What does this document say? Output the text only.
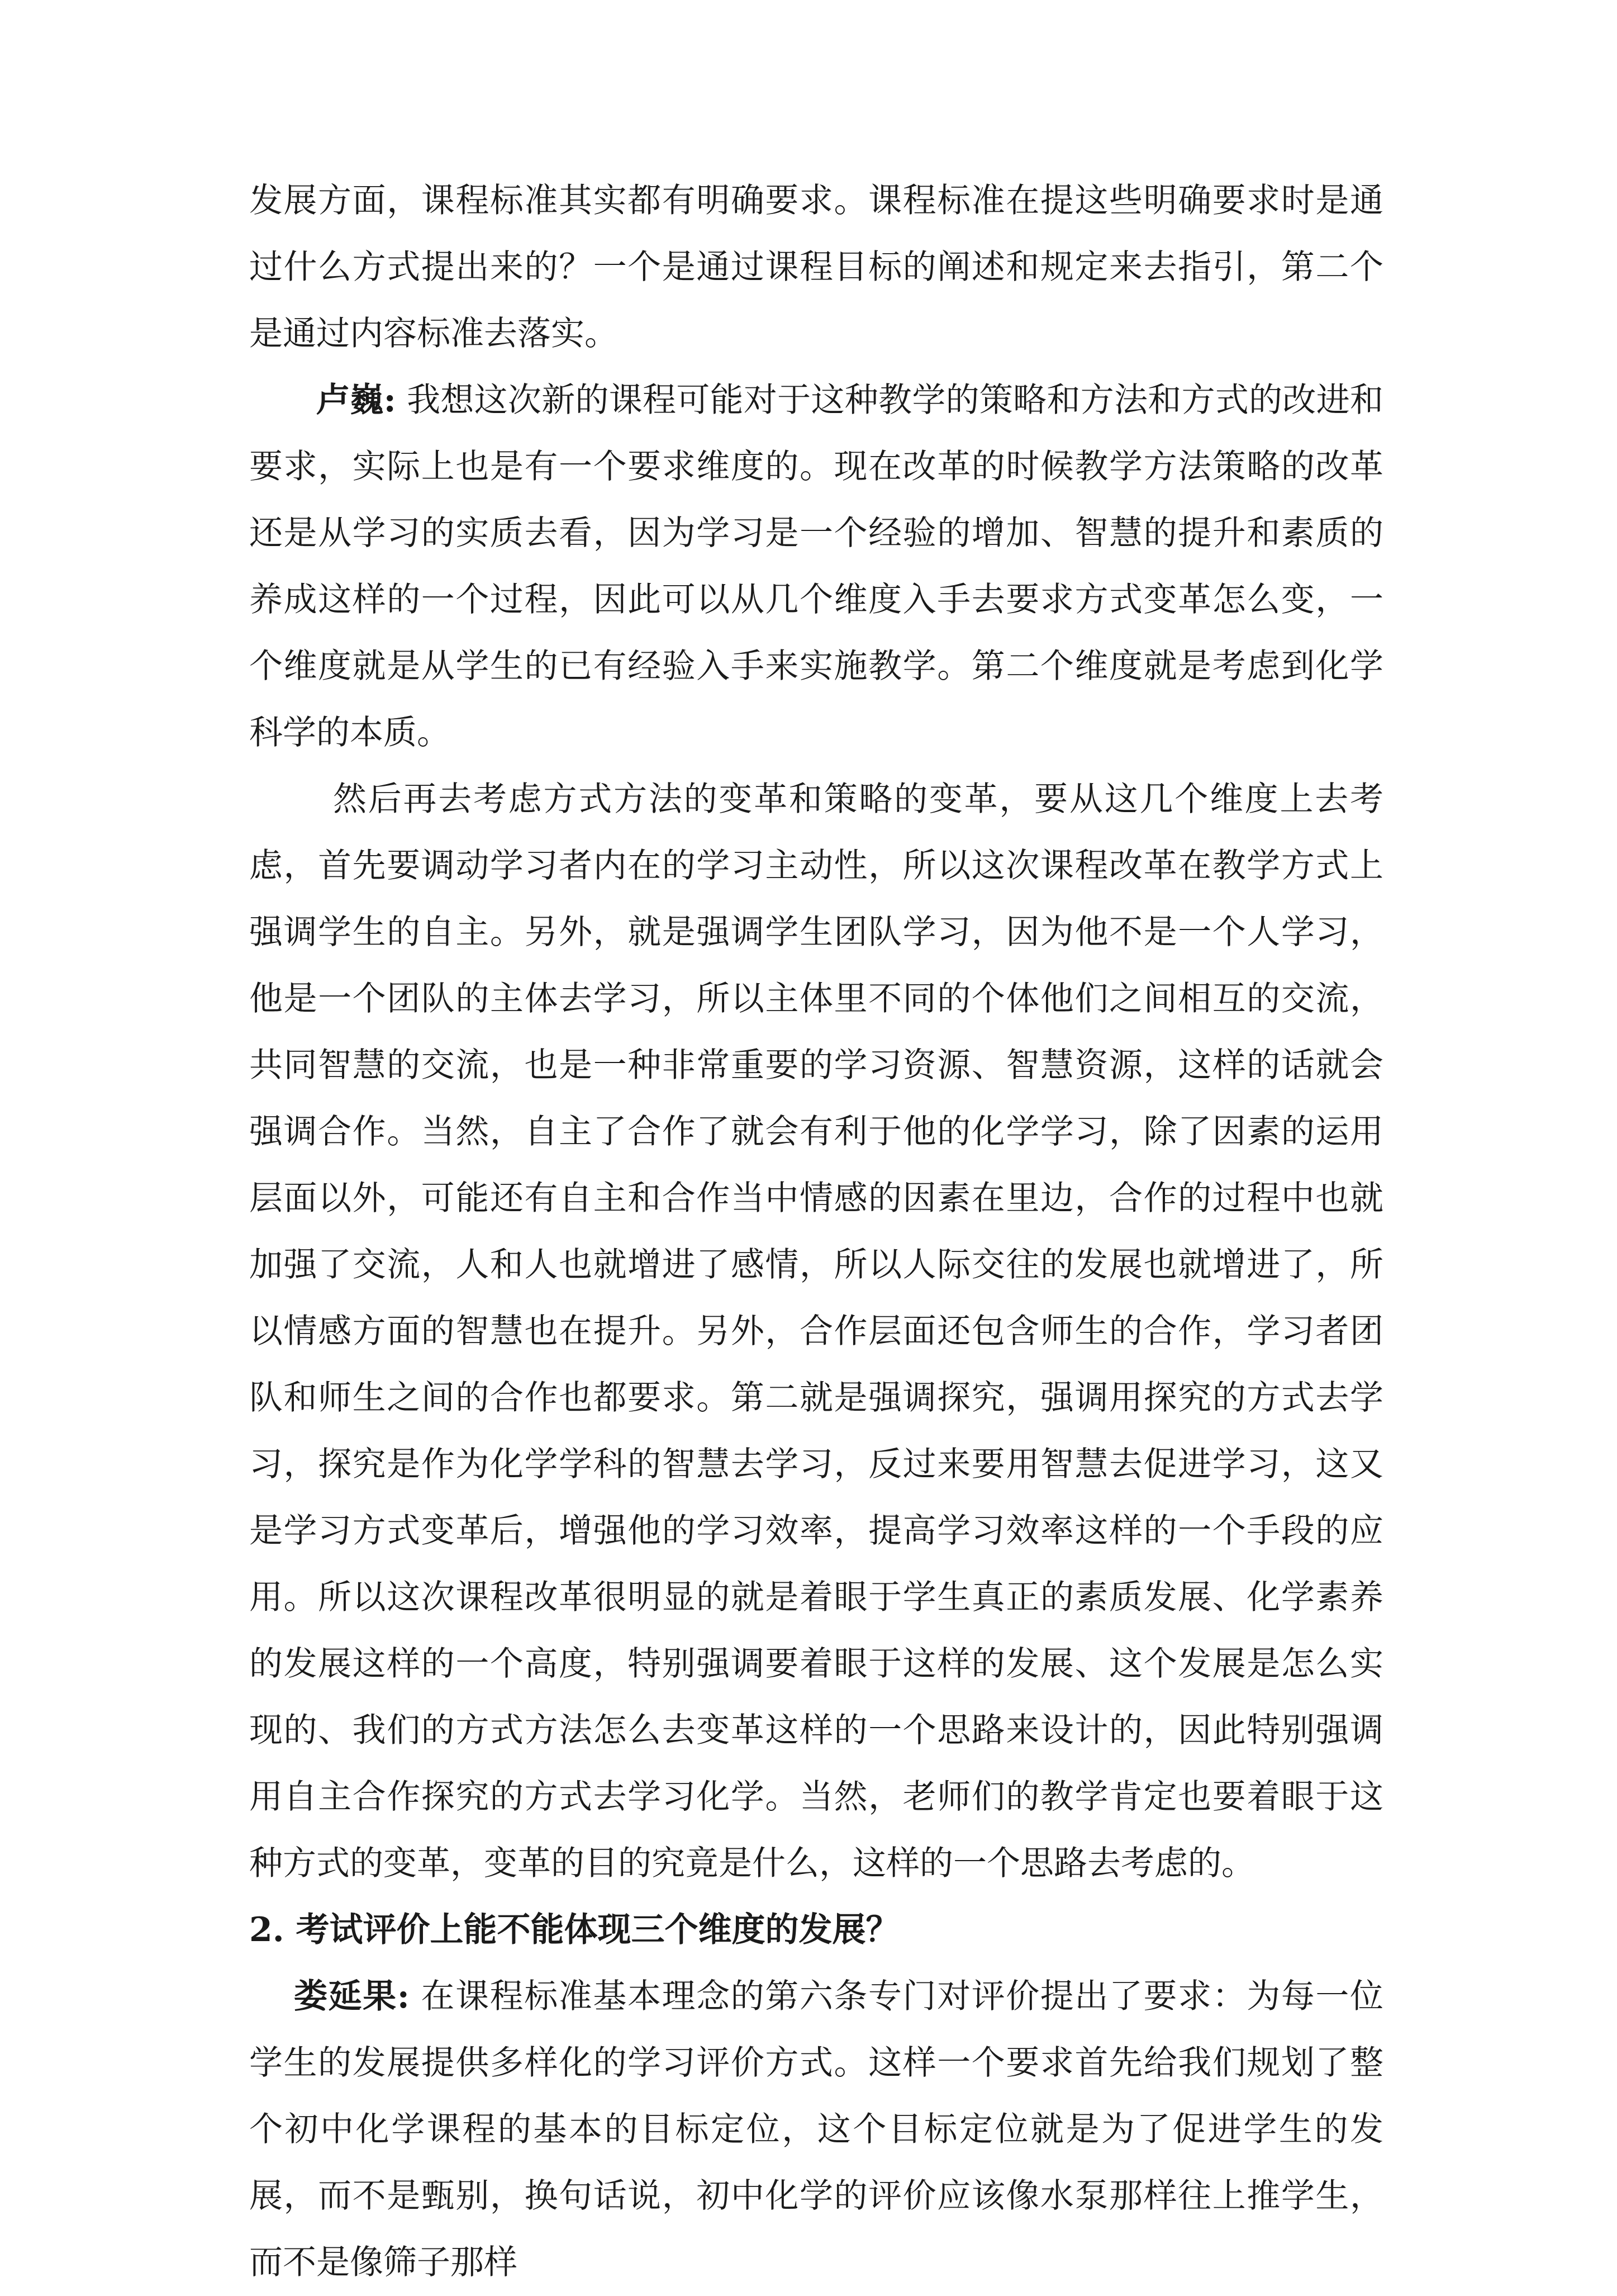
发展方面，课程标准其实都有明确要求。课程标准在提这些明确要求时是通过什么方式提出来的？一个是通过课程目标的阐述和规定来去指引，第二个是通过内容标准去落实。

卢巍: 我想这次新的课程可能对于这种教学的策略和方法和方式的改进和要求，实际上也是有一个要求维度的。现在改革的时候教学方法策略的改革还是从学习的实质去看，因为学习是一个经验的增加、智慧的提升和素质的养成这样的一个过程，因此可以从几个维度入手去要求方式变革怎么变，一个维度就是从学生的已有经验入手来实施教学。第二个维度就是考虑到化学科学的本质。

然后再去考虑方式方法的变革和策略的变革，要从这几个维度上去考虑，首先要调动学习者内在的学习主动性，所以这次课程改革在教学方式上强调学生的自主。另外，就是强调学生团队学习，因为他不是一个人学习，他是一个团队的主体去学习，所以主体里不同的个体他们之间相互的交流，共同智慧的交流，也是一种非常重要的学习资源、智慧资源，这样的话就会强调合作。当然，自主了合作了就会有利于他的化学学习，除了因素的运用层面以外，可能还有自主和合作当中情感的因素在里边，合作的过程中也就加强了交流，人和人也就增进了感情，所以人际交往的发展也就增进了，所以情感方面的智慧也在提升。另外，合作层面还包含师生的合作，学习者团队和师生之间的合作也都要求。第二就是强调探究，强调用探究的方式去学习，探究是作为化学学科的智慧去学习，反过来要用智慧去促进学习，这又是学习方式变革后，增强他的学习效率，提高学习效率这样的一个手段的应用。所以这次课程改革很明显的就是着眼于学生真正的素质发展、化学素养的发展这样的一个高度，特别强调要着眼于这样的发展、这个发展是怎么实现的、我们的方式方法怎么去变革这样的一个思路来设计的，因此特别强调用自主合作探究的方式去学习化学。当然，老师们的教学肯定也要着眼于这种方式的变革，变革的目的究竟是什么，这样的一个思路去考虑的。

2. 考试评价上能不能体现三个维度的发展？

娄延果: 在课程标准基本理念的第六条专门对评价提出了要求：为每一位学生的发展提供多样化的学习评价方式。这样一个要求首先给我们规划了整个初中化学课程的基本的目标定位，这个目标定位就是为了促进学生的发展，而不是甄别，换句话说，初中化学的评价应该像水泵那样往上推学生，而不是像筛子那样
